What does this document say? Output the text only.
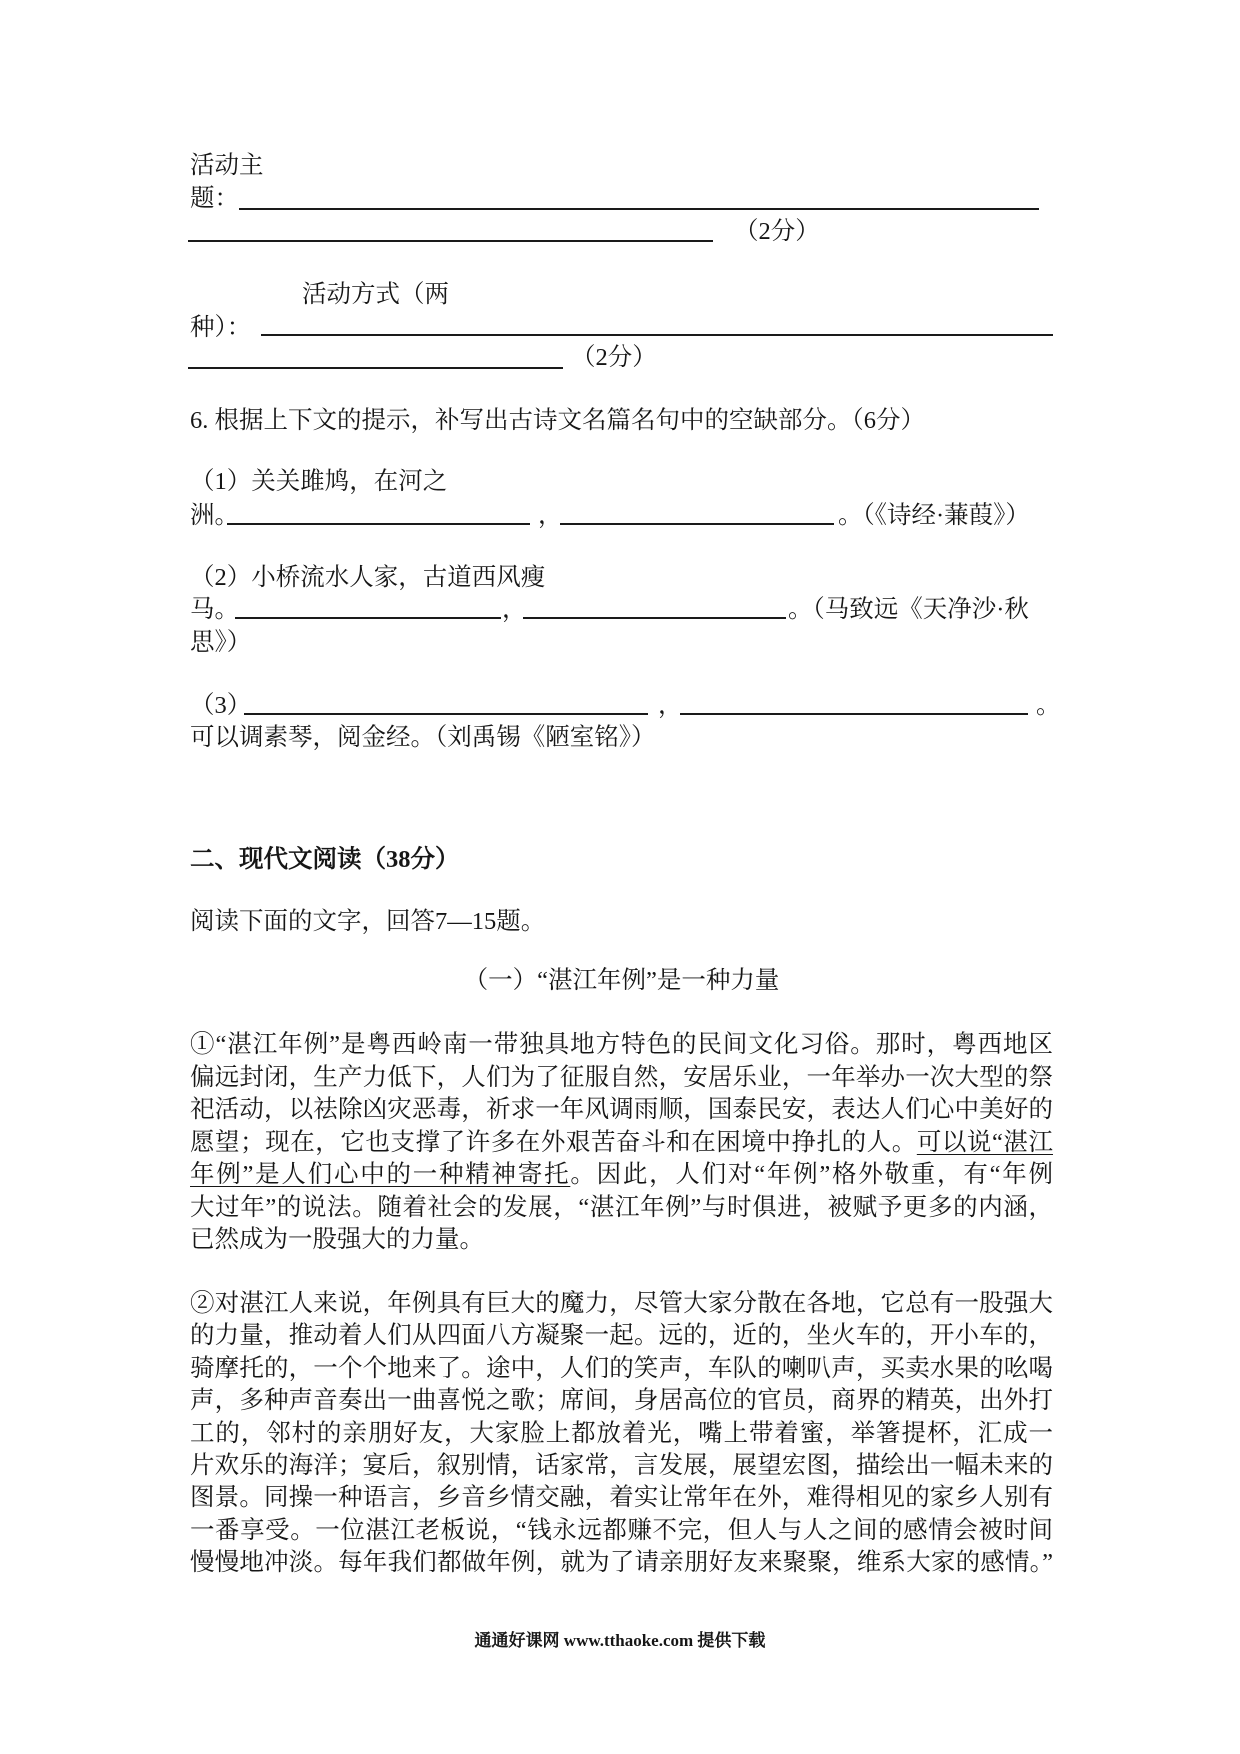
活动主
题：
（2分）
活动方式（两
种）：
（2分）
6. 根据上下文的提示，补写出古诗文名篇名句中的空缺部分。（6分）
（1）关关雎鸠，在河之
洲。	，	。（《诗经·蒹葭》）
（2）小桥流水人家，古道西风瘦
马。	，	。（马致远《天净沙·秋
思》）
（3）	，	。
可以调素琴，阅金经。（刘禹锡《陋室铭》）
二、现代文阅读（38分）
阅读下面的文字，回答7—15题。
（一）“湛江年例”是一种力量
①“湛江年例”是粤西岭南一带独具地方特色的民间文化习俗。那时，粤西地区
偏远封闭，生产力低下，人们为了征服自然，安居乐业，一年举办一次大型的祭
祀活动，以祛除凶灾恶毒，祈求一年风调雨顺，国泰民安，表达人们心中美好的
愿望；现在，它也支撑了许多在外艰苦奋斗和在困境中挣扎的人。可以说“湛江
年例”是人们心中的一种精神寄托。因此，人们对“年例”格外敬重，有“年例
大过年”的说法。随着社会的发展，“湛江年例”与时俱进，被赋予更多的内涵，
已然成为一股强大的力量。
②对湛江人来说，年例具有巨大的魔力，尽管大家分散在各地，它总有一股强大
的力量，推动着人们从四面八方凝聚一起。远的，近的，坐火车的，开小车的，
骑摩托的，一个个地来了。途中，人们的笑声，车队的喇叭声，买卖水果的吆喝
声，多种声音奏出一曲喜悦之歌；席间，身居高位的官员，商界的精英，出外打
工的，邻村的亲朋好友，大家脸上都放着光，嘴上带着蜜，举箸提杯，汇成一
片欢乐的海洋；宴后，叙别情，话家常，言发展，展望宏图，描绘出一幅未来的
图景。同操一种语言，乡音乡情交融，着实让常年在外，难得相见的家乡人别有
一番享受。一位湛江老板说，“钱永远都赚不完，但人与人之间的感情会被时间
慢慢地冲淡。每年我们都做年例，就为了请亲朋好友来聚聚，维系大家的感情。”
通通好课网 www.tthaoke.com 提供下载
